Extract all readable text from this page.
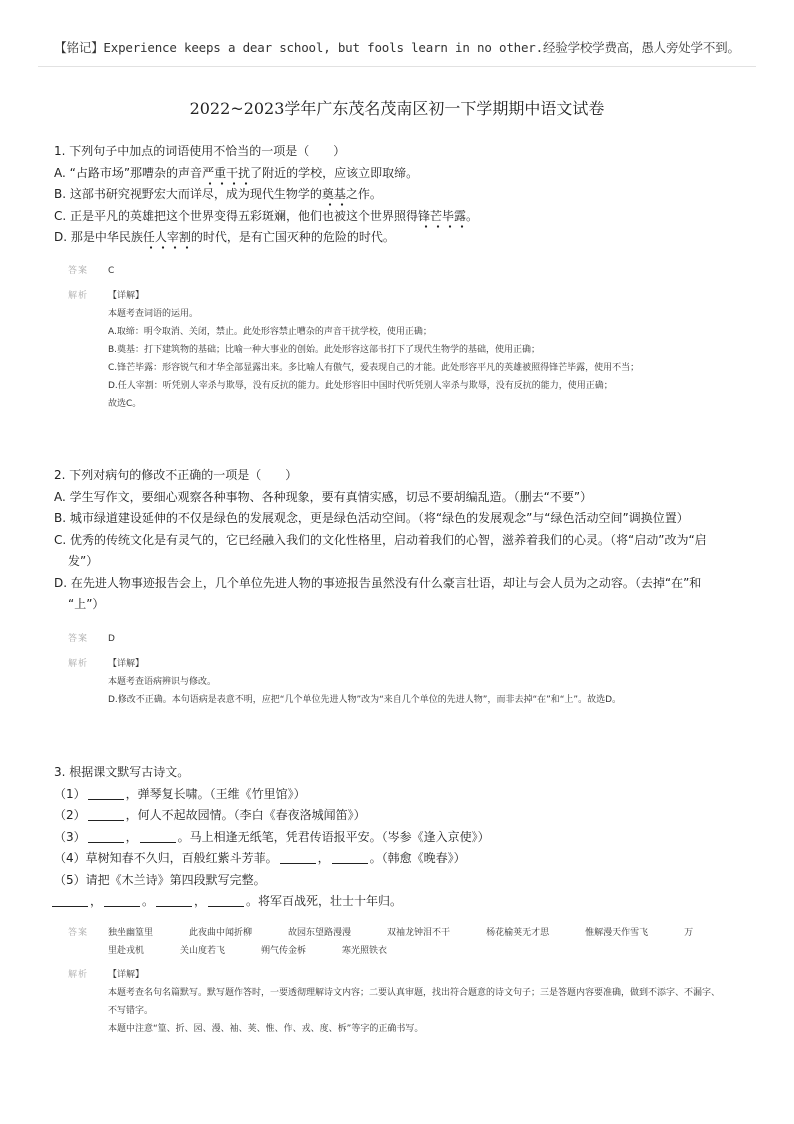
【铭记】Experience keeps a dear school, but fools learn in no other.经验学校学费高，愚人旁处学不到。
2022~2023学年广东茂名茂南区初一下学期期中语文试卷
1. 下列句子中加点的词语使用不恰当的一项是（　　）
A. “占路市场”那嘈杂的声音严重干扰了附近的学校，应该立即取缔。
B. 这部书研究视野宏大而详尽，成为现代生物学的奠基之作。
C. 正是平凡的英雄把这个世界变得五彩斑斓，他们也被这个世界照得锋芒毕露。
D. 那是中华民族任人宰割的时代，是有亡国灭种的危险的时代。
答案 C
解析 【详解】
本题考查词语的运用。
A.取缔：明令取消、关闭，禁止。此处形容禁止嘈杂的声音干扰学校，使用正确；
B.奠基：打下建筑物的基础；比喻一种大事业的创始。此处形容这部书打下了现代生物学的基础，使用正确；
C.锋芒毕露：形容锐气和才华全部显露出来。多比喻人有傲气，爱表现自己的才能。此处形容平凡的英雄被照得锋芒毕露，使用不当；
D.任人宰割：听凭别人宰杀与欺辱，没有反抗的能力。此处形容旧中国时代听凭别人宰杀与欺辱，没有反抗的能力，使用正确；
故选C。
2. 下列对病句的修改不正确的一项是（　　）
A. 学生写作文，要细心观察各种事物、各种现象，要有真情实感，切忌不要胡编乱造。（删去“不要”）
B. 城市绿道建设延伸的不仅是绿色的发展观念，更是绿色活动空间。（将“绿色的发展观念”与“绿色活动空间”调换位置）
C. 优秀的传统文化是有灵气的，它已经融入我们的文化性格里，启动着我们的心智，滋养着我们的心灵。（将“启动”改为“启
发”）
D. 在先进人物事迹报告会上，几个单位先进人物的事迹报告虽然没有什么豪言壮语，却让与会人员为之动容。（去掉“在”和
“上”）
答案 D
解析 【详解】
本题考查语病辨识与修改。
D.修改不正确。本句语病是表意不明，应把“几个单位先进人物”改为“来自几个单位的先进人物”，而非去掉“在”和“上”。故选D。
3. 根据课文默写古诗文。
（1）	，弹琴复长啸。（王维《竹里馆》）
（2）	，何人不起故园情。（李白《春夜洛城闻笛》）
（3）	，	。马上相逢无纸笔，凭君传语报平安。（岑参《逢入京使》）
（4）草树知春不久归，百般红紫斗芳菲。	，	。（韩愈《晚春》）
（5）请把《木兰诗》第四段默写完整。
，	。	，	。将军百战死，壮士十年归。
答案 独坐幽篁里	此夜曲中闻折柳	故园东望路漫漫	双袖龙钟泪不干	杨花榆荚无才思	惟解漫天作雪飞	万
里赴戎机	关山度若飞	朔气传金柝	寒光照铁衣
解析 【详解】
本题考查名句名篇默写。默写题作答时，一要透彻理解诗文内容；二要认真审题，找出符合题意的诗文句子；三是答题内容要准确，做到不添字、不漏字、不写错字。
本题中注意“篁、折、园、漫、袖、荚、惟、作、戎、度、柝”等字的正确书写。
